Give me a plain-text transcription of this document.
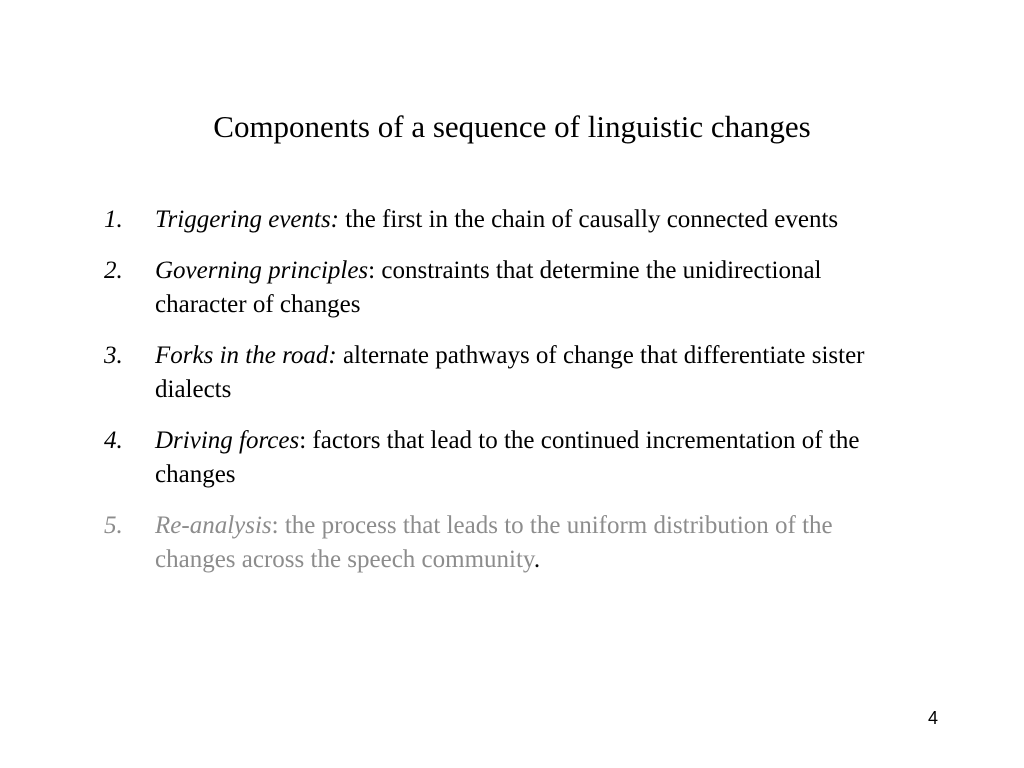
Components of a sequence of linguistic changes
1. Triggering events: the first in the chain of causally connected events
2. Governing principles: constraints that determine the unidirectional character of changes
3. Forks in the road: alternate pathways of change that differentiate sister dialects
4. Driving forces: factors that lead to the continued incrementation of the changes
5. Re-analysis: the process that leads to the uniform distribution of the changes across the speech community.
4
